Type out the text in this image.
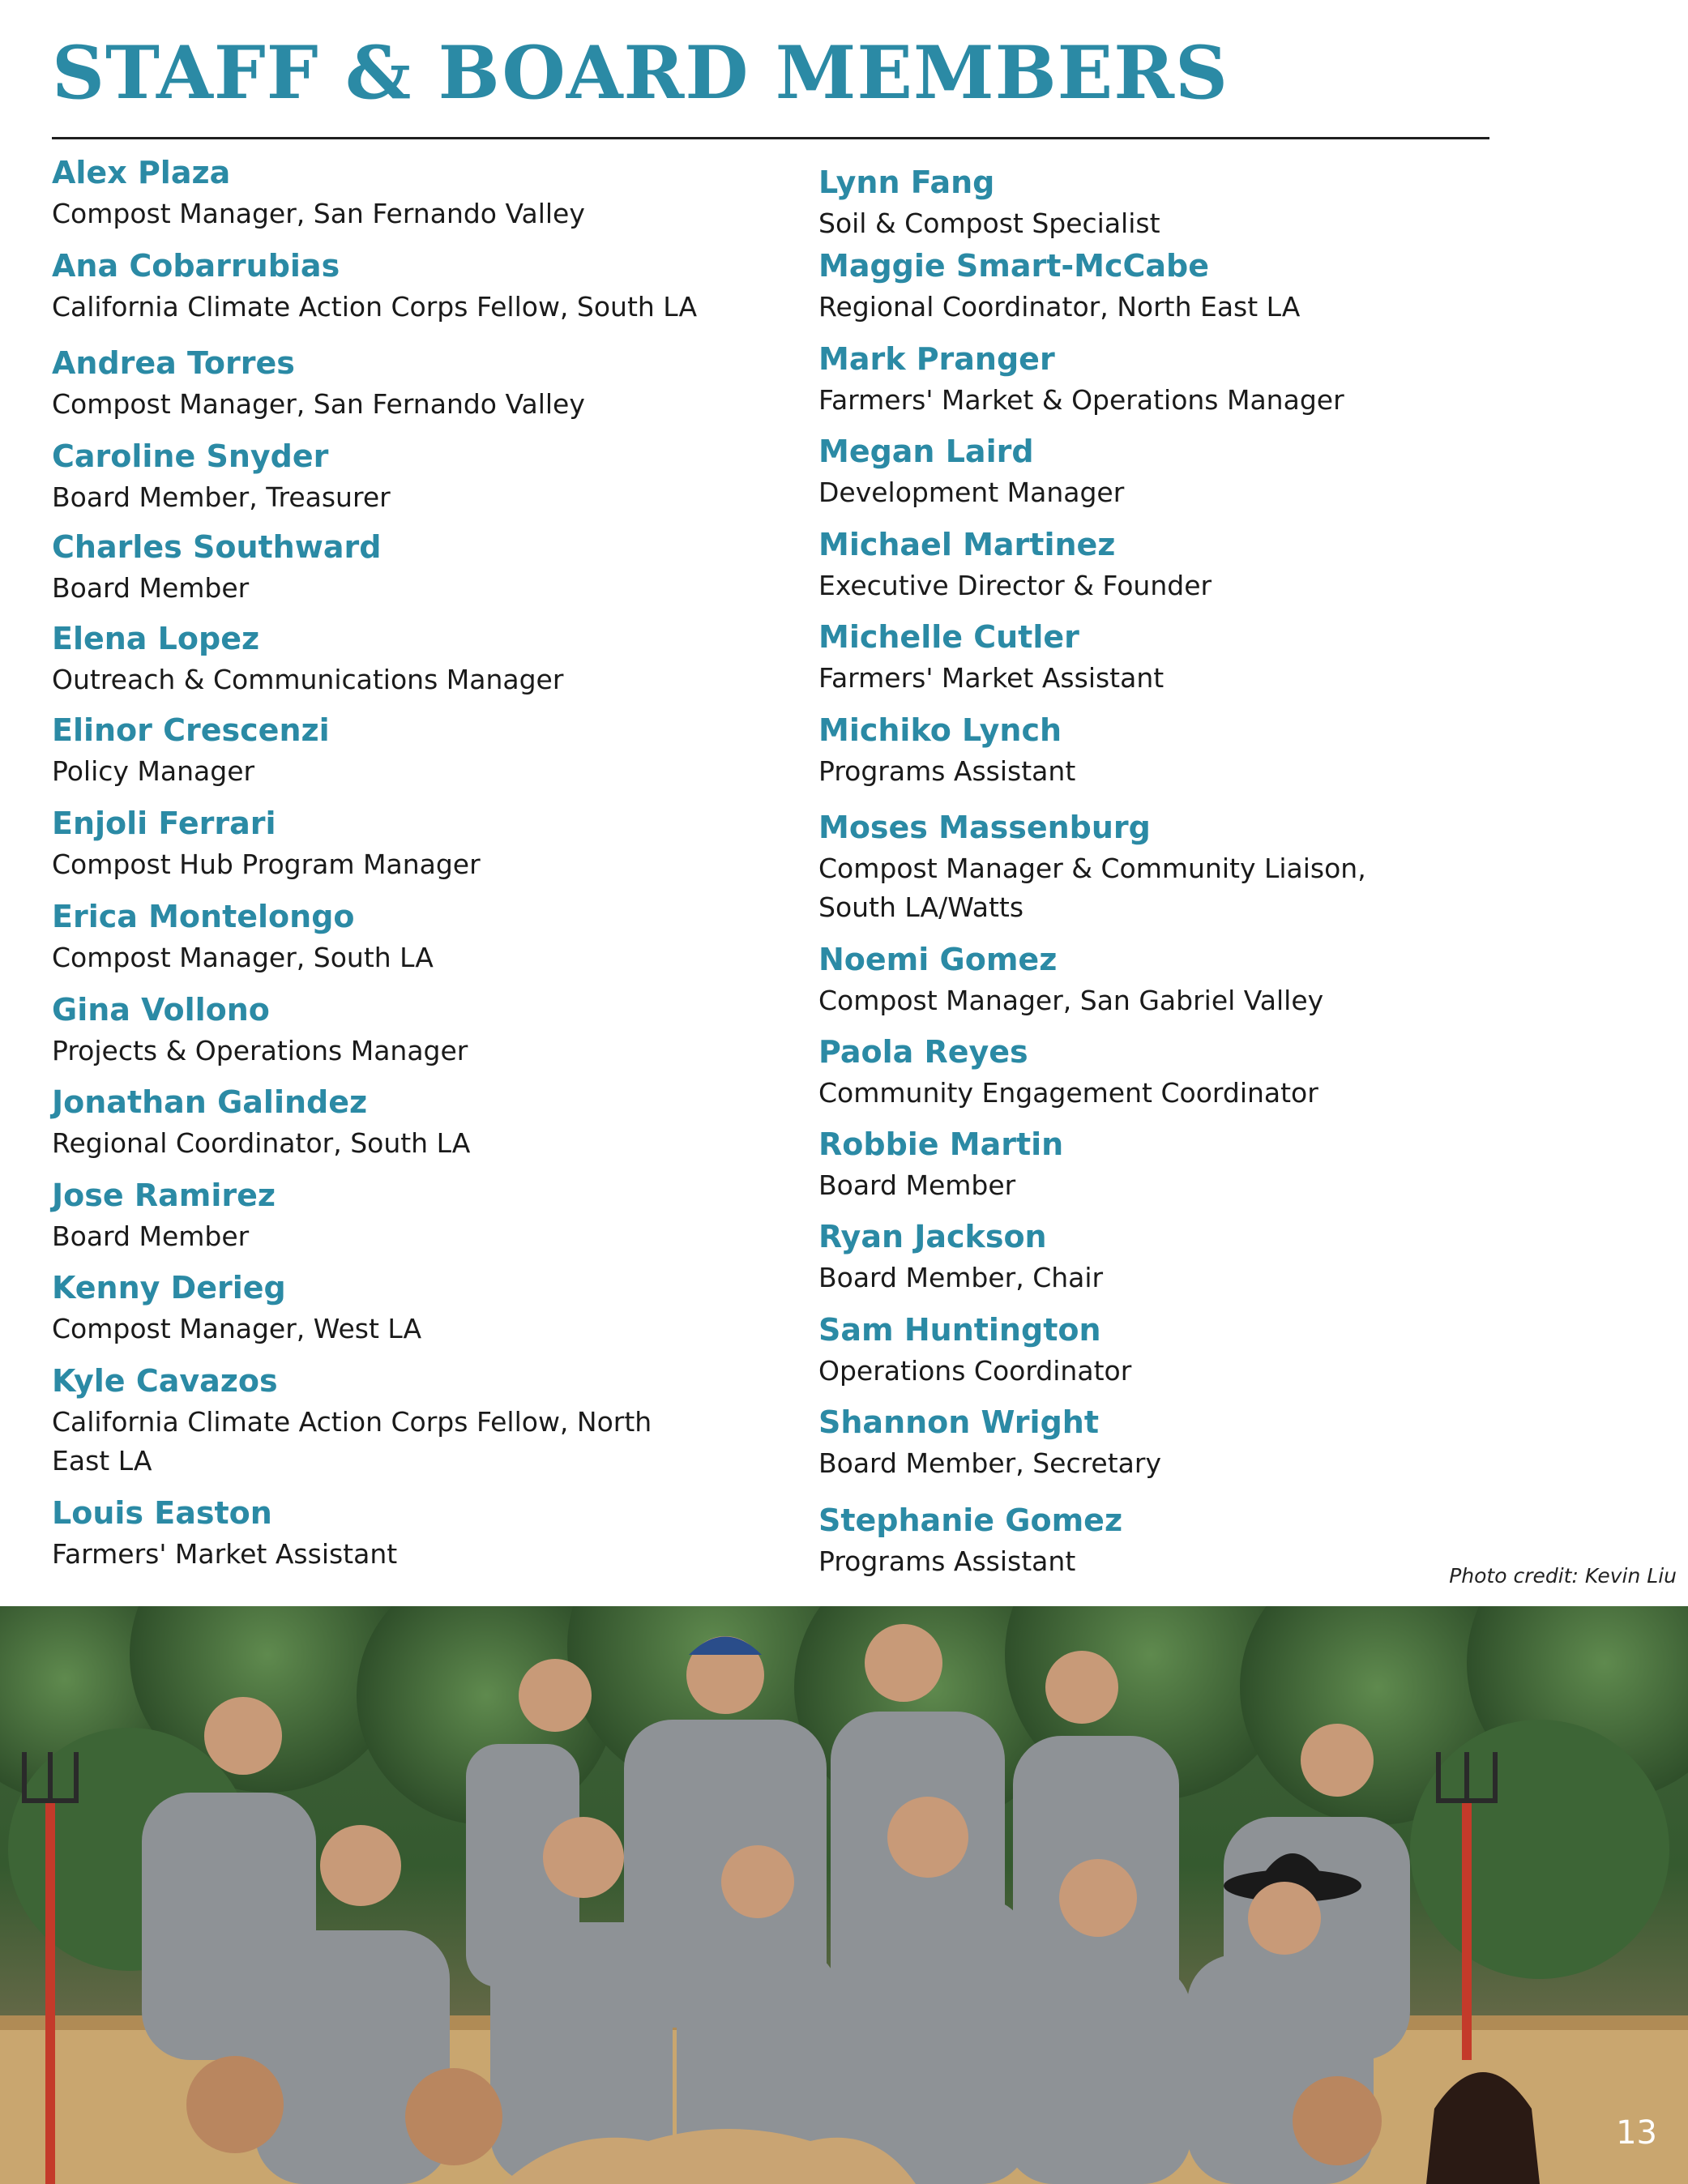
STAFF & BOARD MEMBERS
Alex Plaza
Compost Manager, San Fernando Valley
Ana Cobarrubias
California Climate Action Corps Fellow, South LA
Andrea Torres
Compost Manager, San Fernando Valley
Caroline Snyder
Board Member, Treasurer
Charles Southward
Board Member
Elena Lopez
Outreach & Communications Manager
Elinor Crescenzi
Policy Manager
Enjoli Ferrari
Compost Hub Program Manager
Erica Montelongo
Compost Manager, South LA
Gina Vollono
Projects & Operations Manager
Jonathan Galindez
Regional Coordinator, South LA
Jose Ramirez
Board Member
Kenny Derieg
Compost Manager, West LA
Kyle Cavazos
California Climate Action Corps Fellow, North East LA
Louis Easton
Farmers' Market Assistant
Lynn Fang
Soil & Compost Specialist
Maggie Smart-McCabe
Regional Coordinator, North East LA
Mark Pranger
Farmers' Market & Operations Manager
Megan Laird
Development Manager
Michael Martinez
Executive Director & Founder
Michelle Cutler
Farmers' Market Assistant
Michiko Lynch
Programs Assistant
Moses Massenburg
Compost Manager & Community Liaison, South LA/Watts
Noemi Gomez
Compost Manager, San Gabriel Valley
Paola Reyes
Community Engagement Coordinator
Robbie Martin
Board Member
Ryan Jackson
Board Member, Chair
Sam Huntington
Operations Coordinator
Shannon Wright
Board Member, Secretary
Stephanie Gomez
Programs Assistant	Photo credit: Kevin Liu
13
